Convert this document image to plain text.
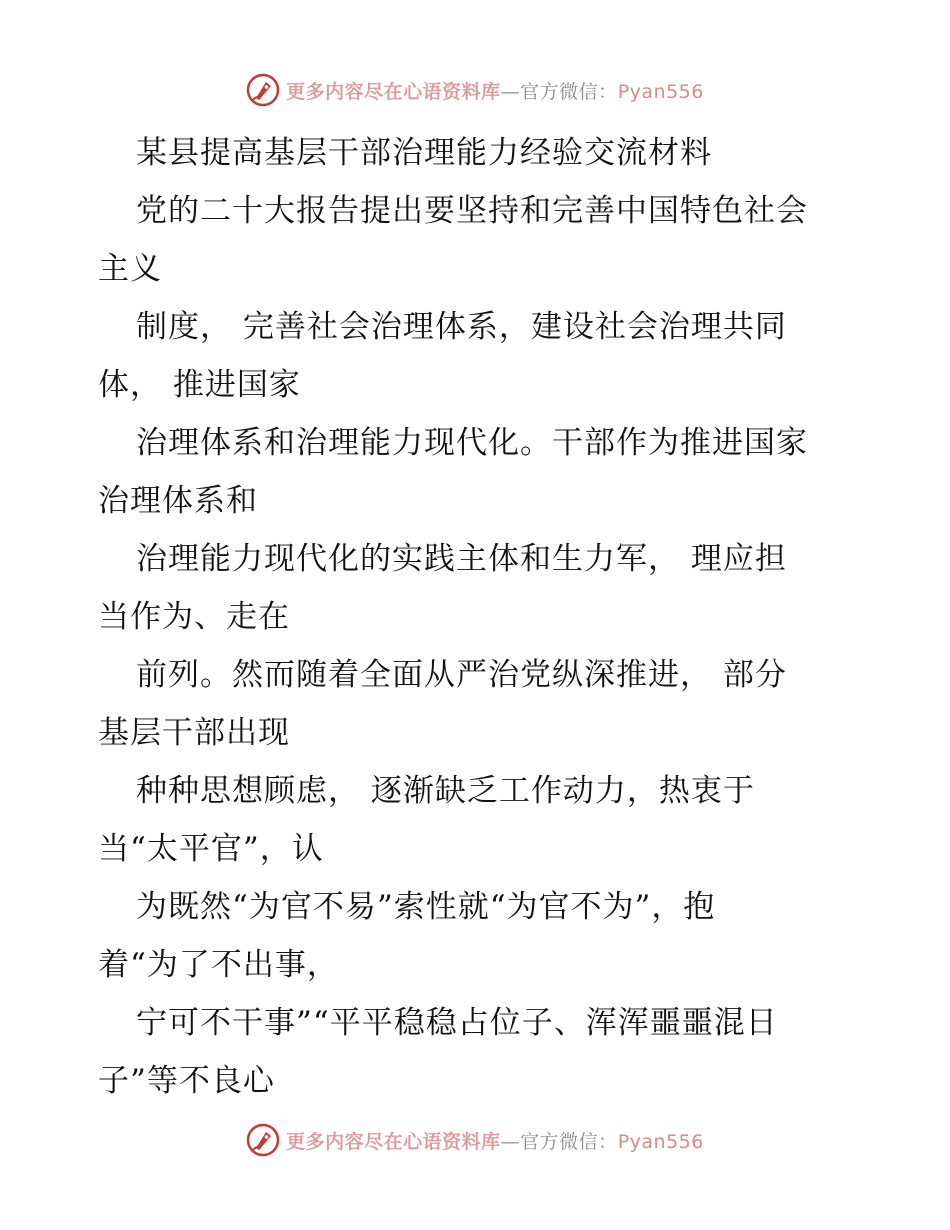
更多内容尽在心语资料库—官方微信：Pyan556
某县提高基层干部治理能力经验交流材料
党的二十大报告提出要坚持和完善中国特色社会
主义
制度， 完善社会治理体系，建设社会治理共同
体， 推进国家
治理体系和治理能力现代化。干部作为推进国家
治理体系和
治理能力现代化的实践主体和生力军， 理应担
当作为、走在
前列。然而随着全面从严治党纵深推进， 部分
基层干部出现
种种思想顾虑， 逐渐缺乏工作动力，热衷于
当“太平官”，认
为既然“为官不易”索性就“为官不为”，抱
着“为了不出事，
宁可不干事”“平平稳稳占位子、浑浑噩噩混日
子”等不良心
更多内容尽在心语资料库—官方微信：Pyan556
